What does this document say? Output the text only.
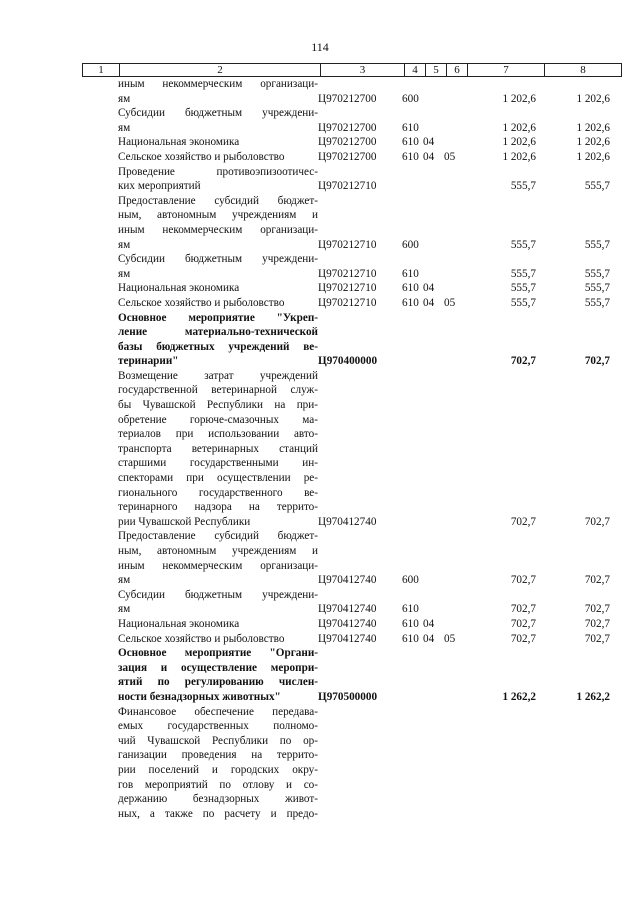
114
1	2	3	4	5	6	7	8
иным некоммерческим организаци-
ям	Ц970212700 600	1 202,6	1 202,6
Субсидии бюджетным учреждени-
ям	Ц970212700 610	1 202,6	1 202,6
Национальная экономика	Ц970212700 610 04	1 202,6	1 202,6
Сельское хозяйство и рыболовство	Ц970212700 610 04 05	1 202,6	1 202,6
Проведение противоэпизоотичес-
ких мероприятий	Ц970212710	555,7	555,7
Предоставление субсидий бюджет-
ным, автономным учреждениям и
иным некоммерческим организаци-
ям	Ц970212710 600	555,7	555,7
Субсидии бюджетным учреждени-
ям	Ц970212710 610	555,7	555,7
Национальная экономика	Ц970212710 610 04	555,7	555,7
Сельское хозяйство и рыболовство	Ц970212710 610 04 05	555,7	555,7
Основное мероприятие "Укреп-
ление материально-технической
базы бюджетных учреждений ве-
теринарии"	Ц970400000	702,7	702,7
Возмещение затрат учреждений
государственной ветеринарной служ-
бы Чувашской Республики на при-
обретение горюче-смазочных ма-
териалов при использовании авто-
транспорта ветеринарных станций
старшими государственными ин-
спекторами при осуществлении ре-
гионального государственного ве-
теринарного надзора на террито-
рии Чувашской Республики	Ц970412740	702,7	702,7
Предоставление субсидий бюджет-
ным, автономным учреждениям и
иным некоммерческим организаци-
ям	Ц970412740 600	702,7	702,7
Субсидии бюджетным учреждени-
ям	Ц970412740 610	702,7	702,7
Национальная экономика	Ц970412740 610 04	702,7	702,7
Сельское хозяйство и рыболовство	Ц970412740 610 04 05	702,7	702,7
Основное мероприятие "Органи-
зация и осуществление меропри-
ятий по регулированию числен-
ности безнадзорных животных"	Ц970500000	1 262,2	1 262,2
Финансовое обеспечение передава-
емых государственных полномо-
чий Чувашской Республики по ор-
ганизации проведения на террито-
рии поселений и городских окру-
гов мероприятий по отлову и со-
держанию безнадзорных живот-
ных, а также по расчету и предо-
